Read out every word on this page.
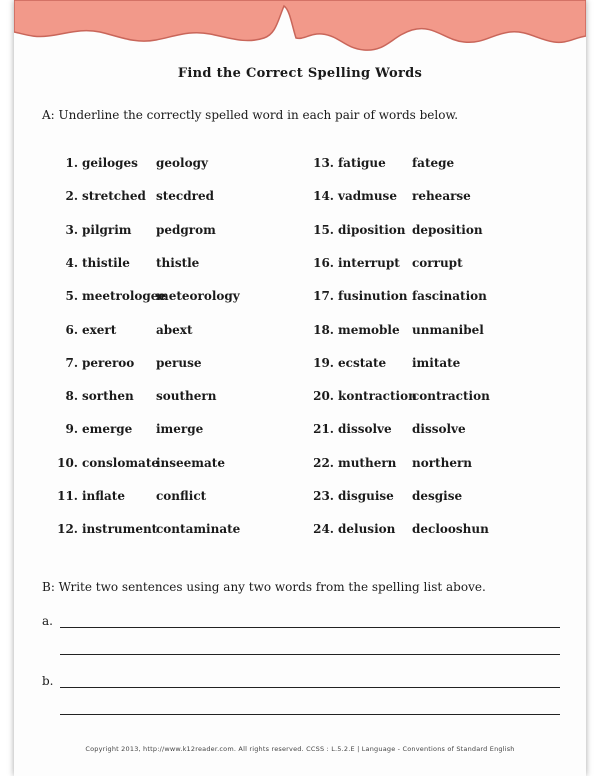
Find the Correct Spelling Words
A: Underline the correctly spelled word in each pair of words below.
1. geiloges geology
2. stretched stecdred
3. pilgrim pedgrom
4. thistile thistle
5. meetrologee
meteorology
6. exert	abext
7. pereroo peruse
8. sorthen southern
9. emerge imerge
10. conslomate
inseemate
11. inflate	conflict
12. instrument
contaminate
13. fatigue fatege
14. vadmuse rehearse
15. diposition deposition
16. interrupt corrupt
17. fusinution fascination
18. memoble unmanibel
19. ecstate imitate
20. kontraction
contraction
21. dissolve dissolve
22. muthern northern
23. disguise desgise
24. delusion declooshun
B: Write two sentences using any two words from the spelling list above.
a.
b.
Copyright 2013, http://www.k12reader.com. All rights reserved. CCSS : L.5.2.E | Language - Conventions of Standard English
